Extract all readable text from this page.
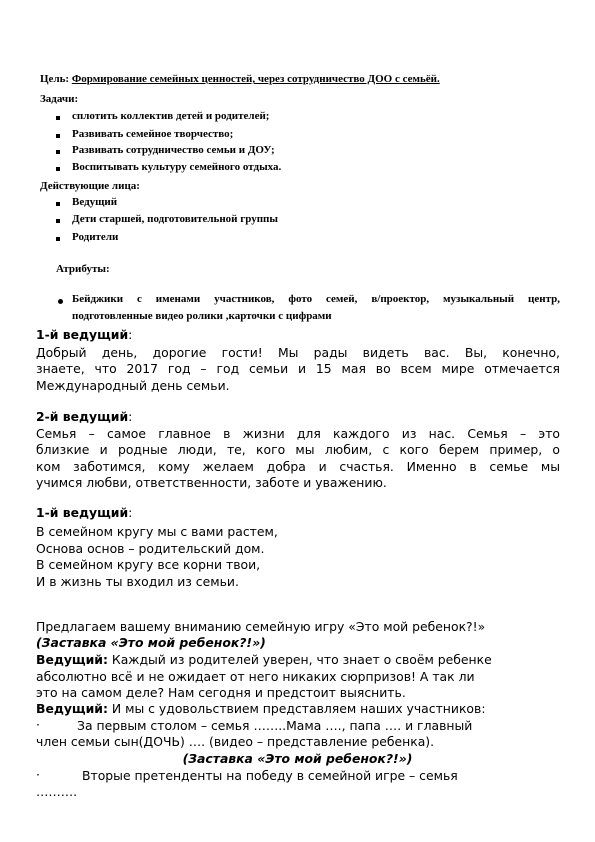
Цель: Формирование семейных ценностей, через сотрудничество ДОО с семьёй.
Задачи:
сплотить коллектив детей и родителей;
Развивать семейное творчество;
Развивать сотрудничество семьи и ДОУ;
Воспитывать культуру семейного отдыха.
Действующие лица:
Ведущий
Дети старшей, подготовительной группы
Родители
Атрибуты:
Бейджики с именами участников, фото семей, в/проектор, музыкальный центр,
подготовленные видео ролики ,карточки с цифрами
1-й ведущий:
Добрый день, дорогие гости! Мы рады видеть вас. Вы, конечно,
знаете, что 2017 год – год семьи и 15 мая во всем мире отмечается
Международный день семьи.
2-й ведущий:
Семья – самое главное в жизни для каждого из нас. Семья – это
близкие и родные люди, те, кого мы любим, с кого берем пример, о
ком заботимся, кому желаем добра и счастья. Именно в семье мы
учимся любви, ответственности, заботе и уважению.
1-й ведущий:
В семейном кругу мы с вами растем,
Основа основ – родительский дом.
В семейном кругу все корни твои,
И в жизнь ты входил из семьи.
Предлагаем вашему вниманию семейную игру «Это мой ребенок?!»
(Заставка «Это мой ребенок?!»)
Ведущий: Каждый из родителей уверен, что знает о своём ребенке
абсолютно всё и не ожидает от него никаких сюрпризов! А так ли
это на самом деле? Нам сегодня и предстоит выяснить.
Ведущий: И мы с удовольствием представляем наших участников:
·	За первым столом – семья ……..Мама …., папа …. и главный
член семьи сын(ДОЧЬ) …. (видео – представление ребенка).
(Заставка «Это мой ребенок?!»)
·	Вторые претенденты на победу в семейной игре – семья
……….
